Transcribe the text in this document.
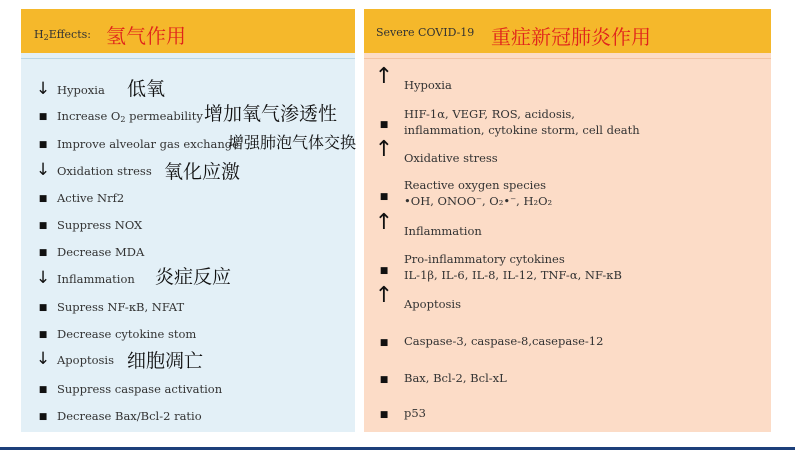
$H_2Effects$: 氢气作用
↓ Hypoxia
■ Increase $O_2$ permeability
■ Improve alveolar gas exchange
↓ Oxidation stress
■ Active Nrf2
■ Suppress NOX
■ Decrease MDA
↓ Inflammation
■ Supress NF-κB, NFAT
■ Decrease cytokine stom
↓ Apoptosis
■ Suppress caspase activation
■ Decrease Bax/Bcl-2 ratio
低氧
增加氧气渗透性
增强肺泡气体交换
氧化应激
炎症反应
细胞凋亡
Severe COVID-19 重症新冠肺炎作用
↑ Hypoxia
■
HIF-1α, VEGF, ROS, acidosis,
inflammation, cytokine storm, cell death
↑ Oxidative stress
■
Reactive oxygen species
•OH, ONOO⁻, O₂•⁻, H₂O₂
↑ Inflammation
■
Pro-inflammatory cytokines
IL-1β, IL-6, IL-8, IL-12, TNF-α, NF-κB
↑ Apoptosis
■	Caspase-3, caspase-8,casepase-12
■	Bax, Bcl-2, Bcl-xL
■	p53
